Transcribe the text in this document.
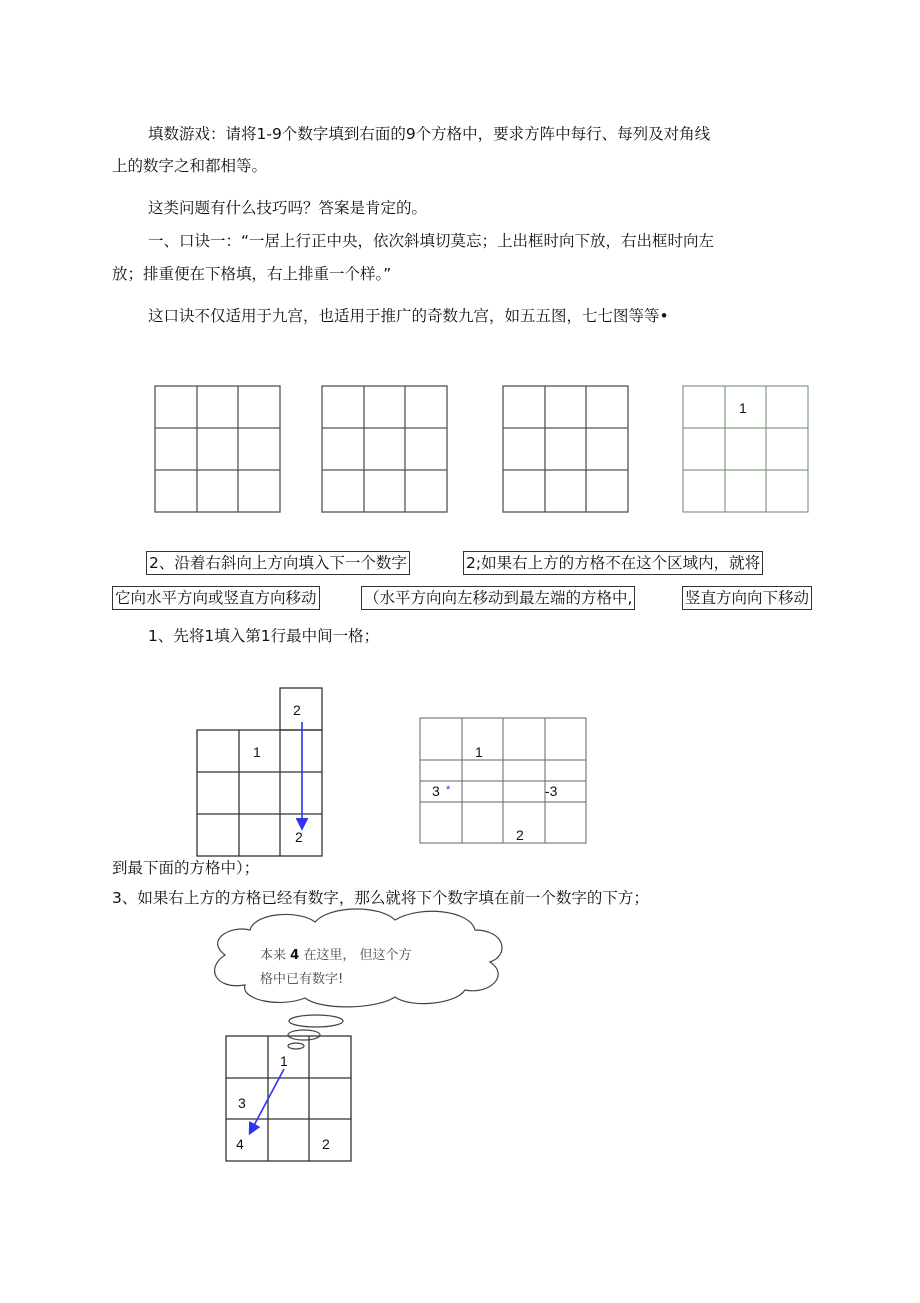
填数游戏：请将1-9个数字填到右面的9个方格中，要求方阵中每行、每列及对角线
上的数字之和都相等。
这类问题有什么技巧吗？答案是肯定的。
一、口诀一：“一居上行正中央，依次斜填切莫忘；上出框时向下放，右出框时向左
放；排重便在下格填，右上排重一个样。”
这口诀不仅适用于九宫，也适用于推广的奇数九宫，如五五图，七七图等等•
1
2
1
2
1
3 *	-3
2
1
3
4	2
2、沿着右斜向上方向填入下一个数字	2;如果右上方的方格不在这个区域内，就将
它向水平方向或竖直方向移动	（水平方向向左移动到最左端的方格中,	竖直方向向下移动
1、先将1填入第1行最中间一格；
到最下面的方格中）；
3、如果右上方的方格已经有数字，那么就将下个数字填在前一个数字的下方；
本来 4 在这里， 但这个方
格中已有数字!
